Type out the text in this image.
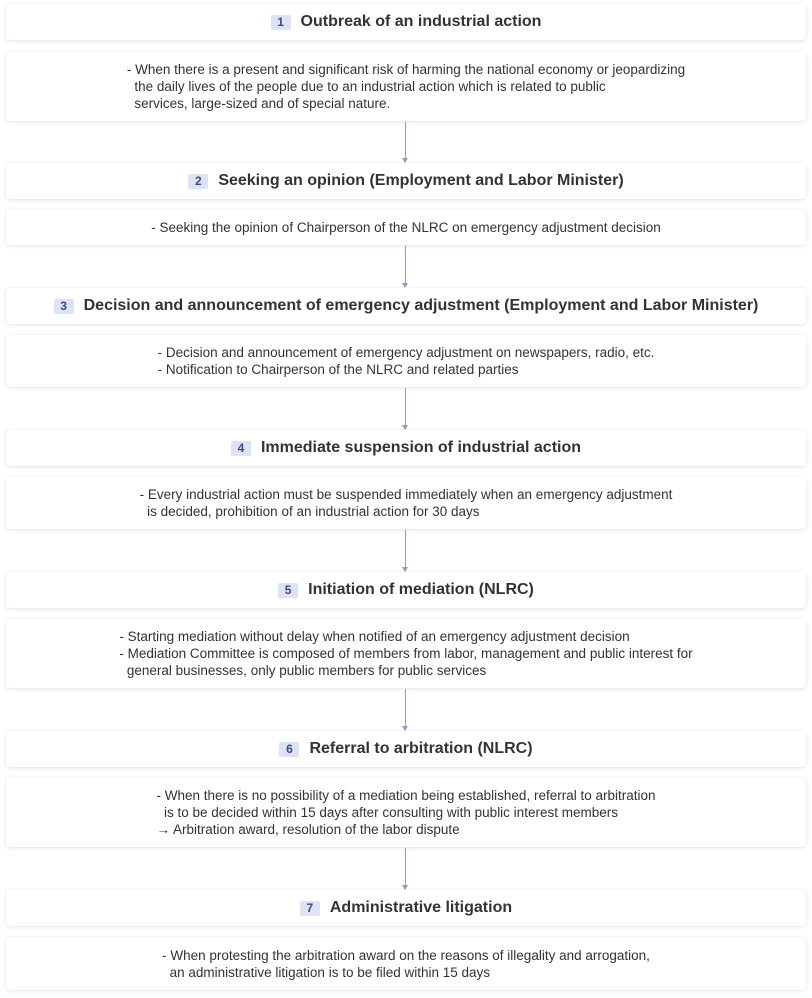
1	Outbreak of an industrial action
- When there is a present and significant risk of harming the national economy or jeopardizing
the daily lives of the people due to an industrial action which is related to public
services, large-sized and of special nature.
2	Seeking an opinion (Employment and Labor Minister)
- Seeking the opinion of Chairperson of the NLRC on emergency adjustment decision
3	Decision and announcement of emergency adjustment (Employment and Labor Minister)
- Decision and announcement of emergency adjustment on newspapers, radio, etc.
- Notification to Chairperson of the NLRC and related parties
4	Immediate suspension of industrial action
- Every industrial action must be suspended immediately when an emergency adjustment
is decided, prohibition of an industrial action for 30 days
5	Initiation of mediation (NLRC)
- Starting mediation without delay when notified of an emergency adjustment decision
- Mediation Committee is composed of members from labor, management and public interest for
general businesses, only public members for public services
6	Referral to arbitration (NLRC)
- When there is no possibility of a mediation being established, referral to arbitration
is to be decided within 15 days after consulting with public interest members
→ Arbitration award, resolution of the labor dispute
7	Administrative litigation
- When protesting the arbitration award on the reasons of illegality and arrogation,
an administrative litigation is to be filed within 15 days
